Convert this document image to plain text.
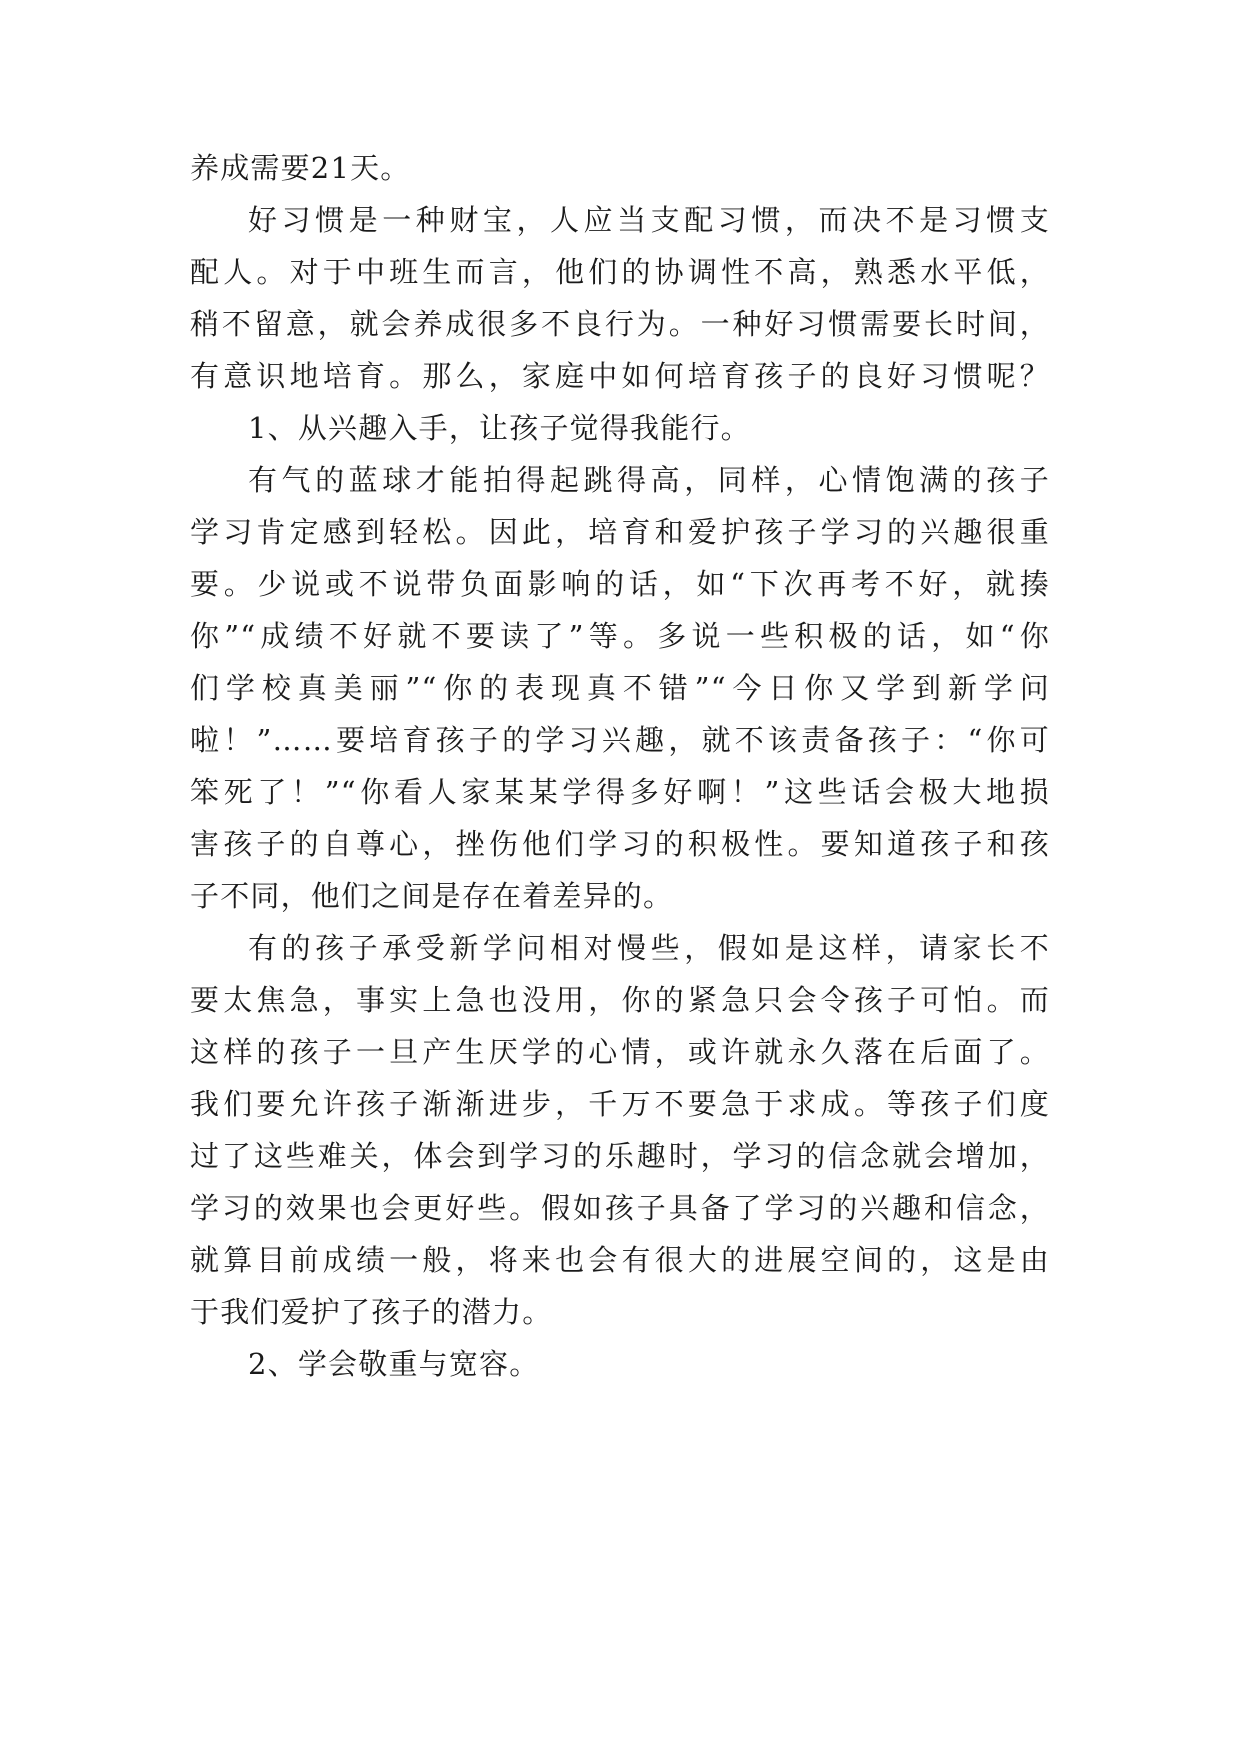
养成需要21天。
好习惯是一种财宝，人应当支配习惯，而决不是习惯支
配人。对于中班生而言，他们的协调性不高，熟悉水平低，
稍不留意，就会养成很多不良行为。一种好习惯需要长时间，
有意识地培育。那么，家庭中如何培育孩子的良好习惯呢？
1、从兴趣入手，让孩子觉得我能行。
有气的蓝球才能拍得起跳得高，同样，心情饱满的孩子
学习肯定感到轻松。因此，培育和爱护孩子学习的兴趣很重
要。少说或不说带负面影响的话，如“下次再考不好，就揍
你”“成绩不好就不要读了”等。多说一些积极的话，如“你
们学校真美丽”“你的表现真不错”“今日你又学到新学问
啦！”……要培育孩子的学习兴趣，就不该责备孩子：“你可
笨死了！”“你看人家某某学得多好啊！”这些话会极大地损
害孩子的自尊心，挫伤他们学习的积极性。要知道孩子和孩
子不同，他们之间是存在着差异的。
有的孩子承受新学问相对慢些，假如是这样，请家长不
要太焦急，事实上急也没用，你的紧急只会令孩子可怕。而
这样的孩子一旦产生厌学的心情，或许就永久落在后面了。
我们要允许孩子渐渐进步，千万不要急于求成。等孩子们度
过了这些难关，体会到学习的乐趣时，学习的信念就会增加，
学习的效果也会更好些。假如孩子具备了学习的兴趣和信念，
就算目前成绩一般，将来也会有很大的进展空间的，这是由
于我们爱护了孩子的潜力。
2、学会敬重与宽容。
